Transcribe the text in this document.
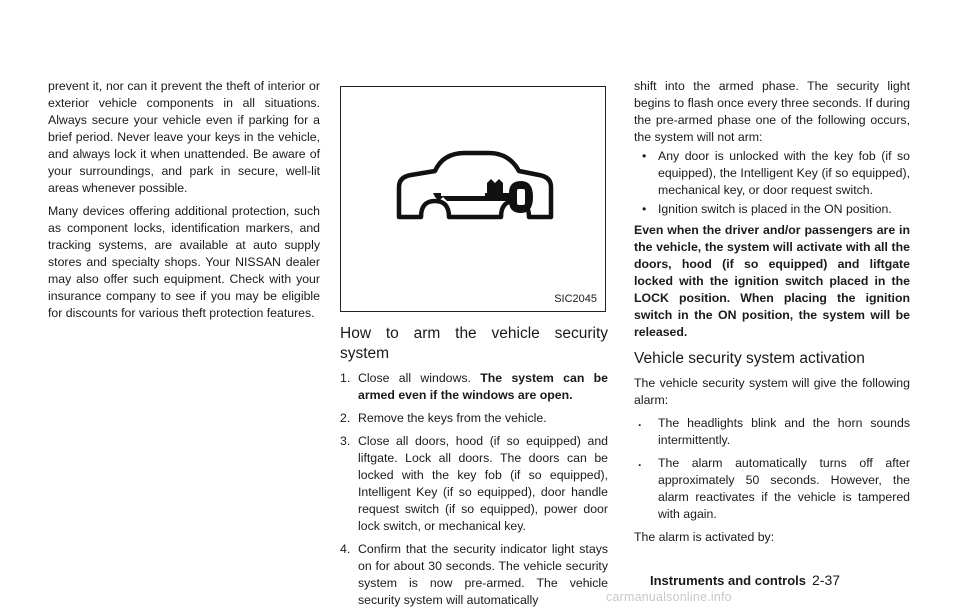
prevent it, nor can it prevent the theft of interior or exterior vehicle components in all situations. Always secure your vehicle even if parking for a brief period. Never leave your keys in the vehicle, and always lock it when unattended. Be aware of your surroundings, and park in secure, well-lit areas whenever possible.

Many devices offering additional protection, such as component locks, identification markers, and tracking systems, are available at auto supply stores and specialty shops. Your NISSAN dealer may also offer such equipment. Check with your insurance company to see if you may be eligible for discounts for various theft protection features.

SIC2045
How to arm the vehicle security system
1. Close all windows. The system can be armed even if the windows are open.
2. Remove the keys from the vehicle.
3. Close all doors, hood (if so equipped) and liftgate. Lock all doors. The doors can be locked with the key fob (if so equipped), Intelligent Key (if so equipped), door handle request switch (if so equipped), power door lock switch, or mechanical key.
4. Confirm that the security indicator light stays on for about 30 seconds. The vehicle security system is now pre-armed. The vehicle security system will automatically

shift into the armed phase. The security light begins to flash once every three seconds. If during the pre-armed phase one of the following occurs, the system will not arm:

• Any door is unlocked with the key fob (if so equipped), the Intelligent Key (if so equipped), mechanical key, or door request switch.
• Ignition switch is placed in the ON position.

Even when the driver and/or passengers are in the vehicle, the system will activate with all the doors, hood (if so equipped) and liftgate locked with the ignition switch placed in the LOCK position. When placing the ignition switch in the ON position, the system will be released.

Vehicle security system activation

The vehicle security system will give the following alarm:

. The headlights blink and the horn sounds intermittently.
. The alarm automatically turns off after approximately 50 seconds. However, the alarm reactivates if the vehicle is tampered with again.

The alarm is activated by:

Instruments and controls 2-37
carmanualsonline.info
